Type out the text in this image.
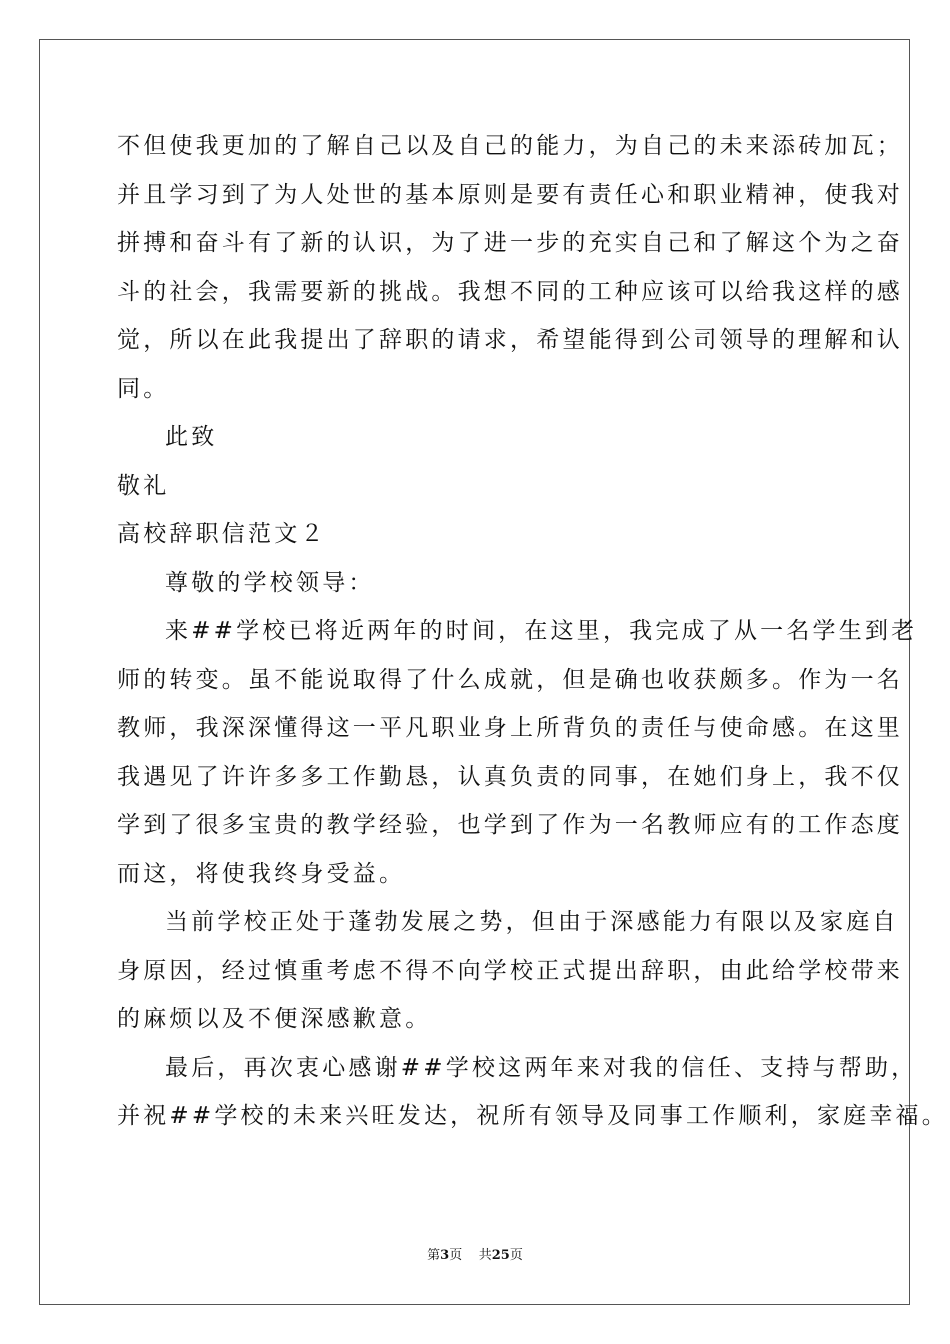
不但使我更加的了解自己以及自己的能力，为自己的未来添砖加瓦；
并且学习到了为人处世的基本原则是要有责任心和职业精神，使我对
拼搏和奋斗有了新的认识，为了进一步的充实自己和了解这个为之奋
斗的社会，我需要新的挑战。我想不同的工种应该可以给我这样的感
觉，所以在此我提出了辞职的请求，希望能得到公司领导的理解和认
同。
此致
敬礼
高校辞职信范文２
尊敬的学校领导：
来##学校已将近两年的时间，在这里，我完成了从一名学生到老
师的转变。虽不能说取得了什么成就，但是确也收获颇多。作为一名
教师，我深深懂得这一平凡职业身上所背负的责任与使命感。在这里
我遇见了许许多多工作勤恳，认真负责的同事，在她们身上，我不仅
学到了很多宝贵的教学经验，也学到了作为一名教师应有的工作态度
而这，将使我终身受益。
当前学校正处于蓬勃发展之势，但由于深感能力有限以及家庭自
身原因，经过慎重考虑不得不向学校正式提出辞职，由此给学校带来
的麻烦以及不便深感歉意。
最后，再次衷心感谢##学校这两年来对我的信任、支持与帮助，
并祝##学校的未来兴旺发达，祝所有领导及同事工作顺利，家庭幸福。
第3页    共25页
